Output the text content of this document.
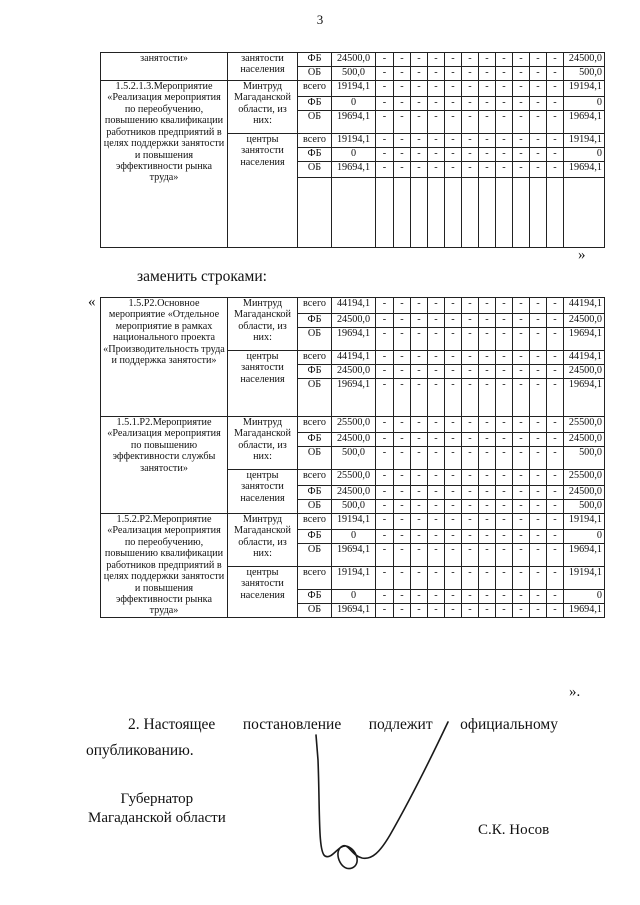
3
занятости»	занятости населения	ФБ	24500,0	-	-	-	-	-	-	-	-	-	-	-	24500,0
		ОБ	500,0	-	-	-	-	-	-	-	-	-	-	-	500,0
1.5.2.1.3.Мероприятие «Реализация мероприятия по переобучению, повышению квалификации работников предприятий в целях поддержки занятости и повышения эффективности рынка труда»	Минтруд Магаданской области, из них:	всего	19194,1	-	-	-	-	-	-	-	-	-	-	-	19194,1
		ФБ	0	-	-	-	-	-	-	-	-	-	-	-	0
		ОБ	19694,1	-	-	-	-	-	-	-	-	-	-	-	19694,1
	центры занятости населения	всего	19194,1	-	-	-	-	-	-	-	-	-	-	-	19194,1
		ФБ	0	-	-	-	-	-	-	-	-	-	-	-	0
		ОБ	19694,1	-	-	-	-	-	-	-	-	-	-	-	19694,1

»
заменить строками:
«	1.5.Р2.Основное мероприятие «Отдельное мероприятие в рамках национального проекта «Производительность труда и поддержка занятости»	Минтруд Магаданской области, из них:	всего	44194,1	-	-	-	-	-	-	-	-	-	-	-	44194,1
		ФБ	24500,0	-	-	-	-	-	-	-	-	-	-	-	24500,0
		ОБ	19694,1	-	-	-	-	-	-	-	-	-	-	-	19694,1
	центры занятости населения	всего	44194,1	-	-	-	-	-	-	-	-	-	-	-	44194,1
		ФБ	24500,0	-	-	-	-	-	-	-	-	-	-	-	24500,0
		ОБ	19694,1	-	-	-	-	-	-	-	-	-	-	-	19694,1
1.5.1.Р2.Мероприятие «Реализация мероприятия по повышению эффективности службы занятости»	Минтруд Магаданской области, из них:	всего	25500,0	-	-	-	-	-	-	-	-	-	-	-	25500,0
		ФБ	24500,0	-	-	-	-	-	-	-	-	-	-	-	24500,0
		ОБ	500,0	-	-	-	-	-	-	-	-	-	-	-	500,0
	центры занятости населения	всего	25500,0	-	-	-	-	-	-	-	-	-	-	-	25500,0
		ФБ	24500,0	-	-	-	-	-	-	-	-	-	-	-	24500,0
		ОБ	500,0	-	-	-	-	-	-	-	-	-	-	-	500,0
1.5.2.Р2.Мероприятие «Реализация мероприятия по переобучению, повышению квалификации работников предприятий в целях поддержки занятости и повышения эффективности рынка труда»	Минтруд Магаданской области, из них:	всего	19194,1	-	-	-	-	-	-	-	-	-	-	-	19194,1
		ФБ	0	-	-	-	-	-	-	-	-	-	-	-	0
		ОБ	19694,1	-	-	-	-	-	-	-	-	-	-	-	19694,1
	центры занятости населения	всего	19194,1	-	-	-	-	-	-	-	-	-	-	-	19194,1
		ФБ	0	-	-	-	-	-	-	-	-	-	-	-	0
		ОБ	19694,1	-	-	-	-	-	-	-	-	-	-	-	19694,1
».
2. Настоящее постановление подлежит официальному
опубликованию.
Губернатор
Магаданской области
С.К. Носов
